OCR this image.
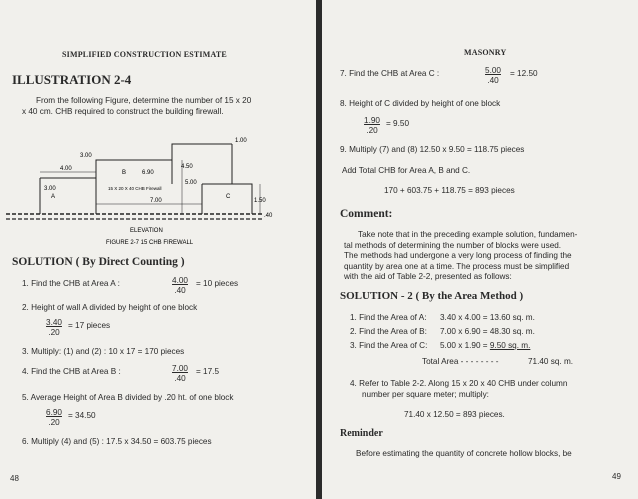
SIMPLIFIED CONSTRUCTION ESTIMATE
ILLUSTRATION 2-4
From the following Figure, determine the number of 15 x 20
x 40 cm. CHB required to construct the building firewall.
1.00
3.00
4.00	4.50
B	6.90
5.00
3.00	15 X 20 X 40 CHB Firewall
A	C
7.00	1.50
.40
ELEVATION
FIGURE 2-7 15 CHB FIREWALL
SOLUTION ( By Direct Counting )
1. Find the CHB at Area A :	$\frac{4.00}{.40} = 10$ pieces
2. Height of wall A divided by height of one block
$\frac{3.40}{.20} = 17$ pieces
3. Multiply: (1) and (2) : 10 x 17 = 170 pieces
4. Find the CHB at Area B :	$\frac{7.00}{.40} = 17.5$
5. Average Height of Area B divided by .20 ht. of one block
$\frac{6.90}{.20} = 34.50$
6. Multiply (4) and (5) : 17.5 x 34.50 = 603.75 pieces
48
MASONRY
7. Find the CHB at Area C :	$\frac{5.00}{.40} = 12.50$
8. Height of C divided by height of one block
$\frac{1.90}{.20} = 9.50$
9. Multiply (7) and (8) 12.50 x 9.50 = 118.75 pieces
Add Total CHB for Area A, B and C.
170 + 603.75 + 118.75 = 893 pieces
Comment:
Take note that in the preceding example solution, fundamen-
tal methods of determining the number of blocks were used.
The methods had undergone a very long process of finding the
quantity by area one at a time. The process must be simplified
with the aid of Table 2-2, presented as follows:
SOLUTION - 2 ( By the Area Method )
1. Find the Area of A: 3.40 x 4.00 = 13.60 sq. m.
2. Find the Area of B: 7.00 x 6.90 = 48.30 sq. m.
3. Find the Area of C: 5.00 x 1.90 = 9.50 sq. m.
Total Area - - - - - - - -	71.40 sq. m.
4. Refer to Table 2-2. Along 15 x 20 x 40 CHB under column
number per square meter; multiply:
71.40 x 12.50 = 893 pieces.
Reminder
Before estimating the quantity of concrete hollow blocks, be
49
